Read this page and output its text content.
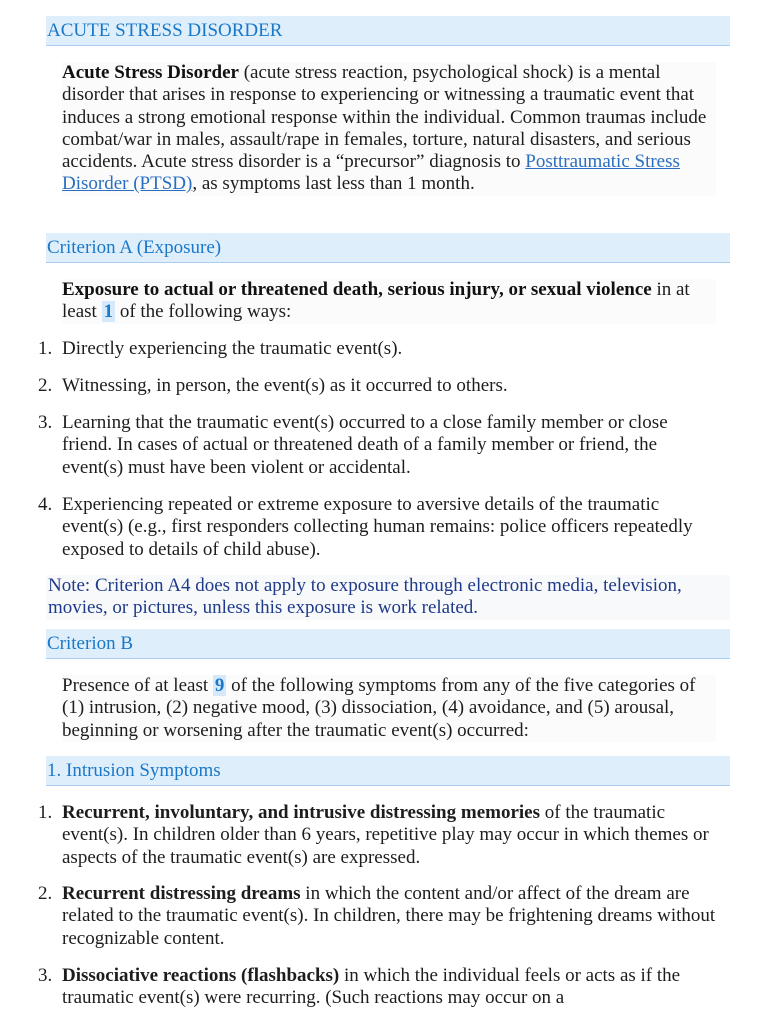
ACUTE STRESS DISORDER
Acute Stress Disorder (acute stress reaction, psychological shock) is a mental disorder that arises in response to experiencing or witnessing a traumatic event that induces a strong emotional response within the individual. Common traumas include combat/war in males, assault/rape in females, torture, natural disasters, and serious accidents. Acute stress disorder is a “precursor” diagnosis to Posttraumatic Stress Disorder (PTSD), as symptoms last less than 1 month.
Criterion A (Exposure)
Exposure to actual or threatened death, serious injury, or sexual violence in at least 1 of the following ways:
1. Directly experiencing the traumatic event(s).
2. Witnessing, in person, the event(s) as it occurred to others.
3. Learning that the traumatic event(s) occurred to a close family member or close friend. In cases of actual or threatened death of a family member or friend, the event(s) must have been violent or accidental.
4. Experiencing repeated or extreme exposure to aversive details of the traumatic event(s) (e.g., first responders collecting human remains: police officers repeatedly exposed to details of child abuse).
Note: Criterion A4 does not apply to exposure through electronic media, television, movies, or pictures, unless this exposure is work related.
Criterion B
Presence of at least 9 of the following symptoms from any of the five categories of (1) intrusion, (2) negative mood, (3) dissociation, (4) avoidance, and (5) arousal, beginning or worsening after the traumatic event(s) occurred:
1. Intrusion Symptoms
1. Recurrent, involuntary, and intrusive distressing memories of the traumatic event(s). In children older than 6 years, repetitive play may occur in which themes or aspects of the traumatic event(s) are expressed.
2. Recurrent distressing dreams in which the content and/or affect of the dream are related to the traumatic event(s). In children, there may be frightening dreams without recognizable content.
3. Dissociative reactions (flashbacks) in which the individual feels or acts as if the traumatic event(s) were recurring. (Such reactions may occur on a
